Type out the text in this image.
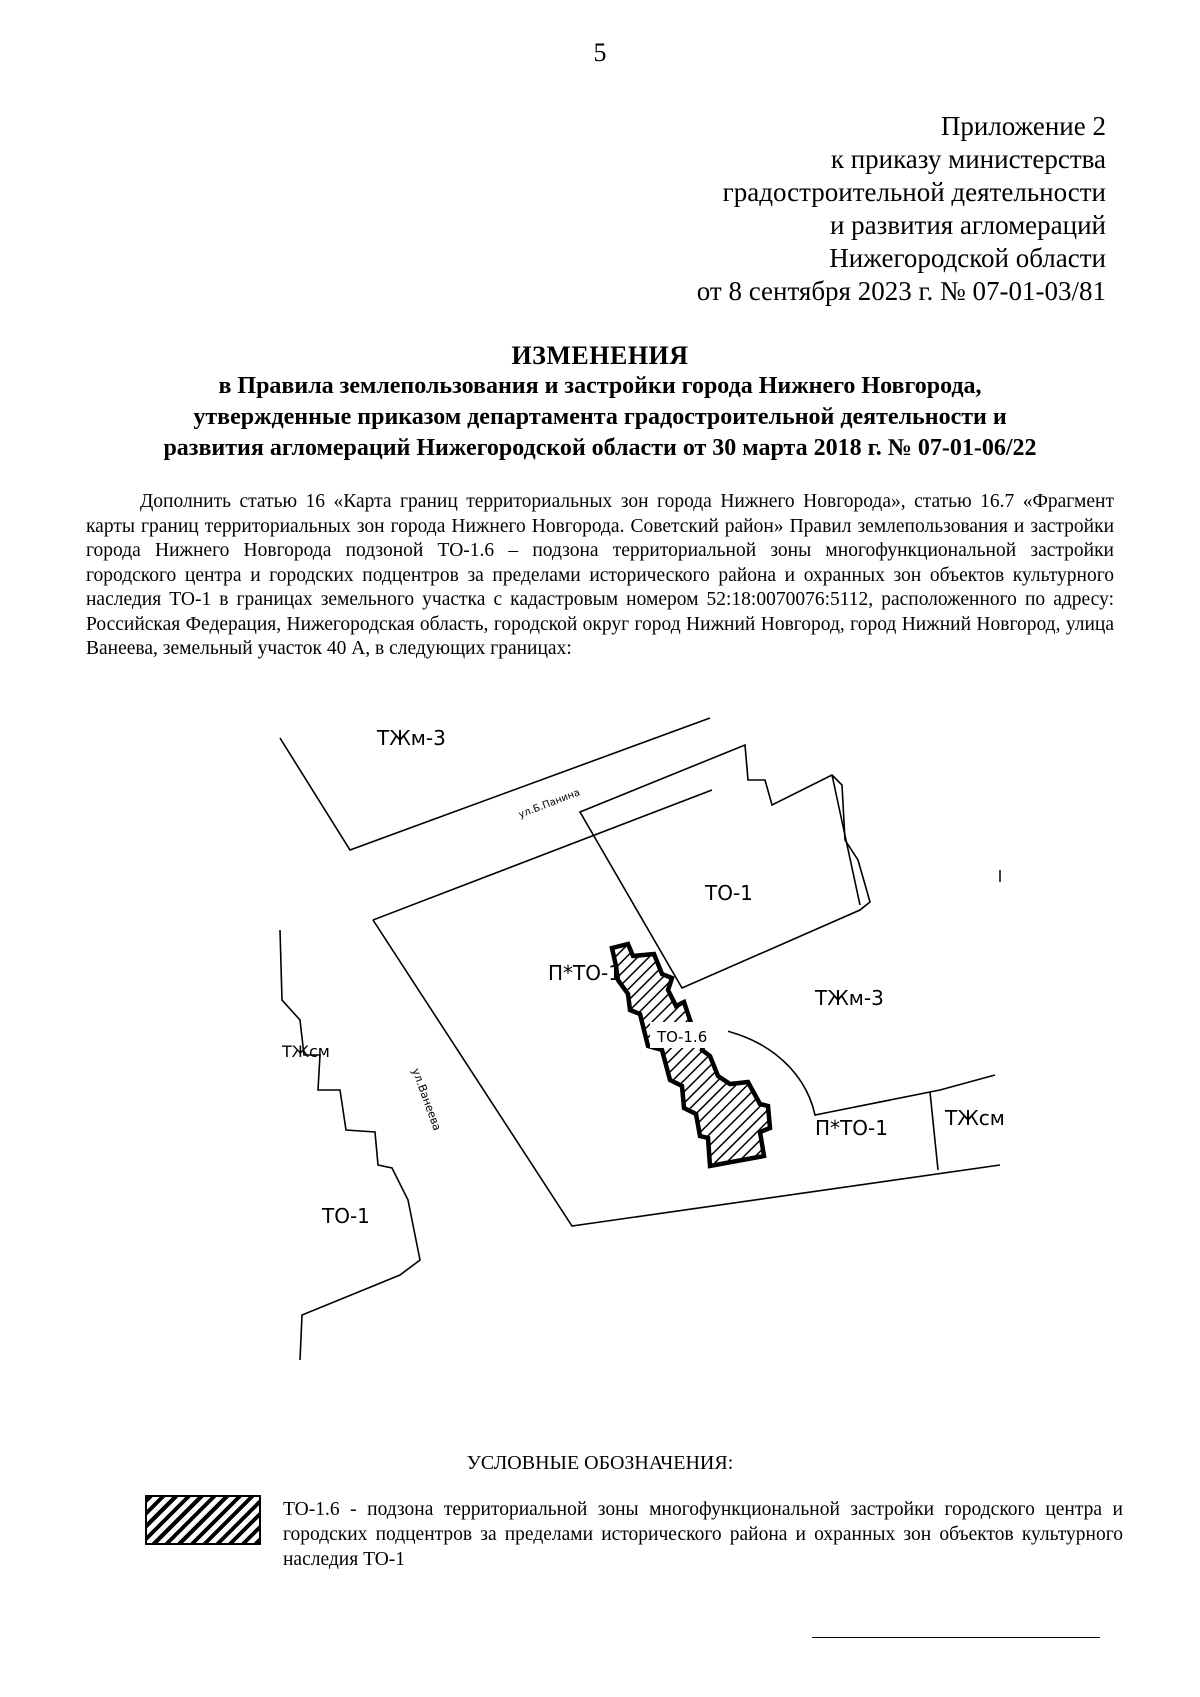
5
Приложение 2
к приказу министерства
градостроительной деятельности
и развития агломераций
Нижегородской области
от 8 сентября 2023 г. № 07-01-03/81
ИЗМЕНЕНИЯ
в Правила землепользования и застройки города Нижнего Новгорода,
утвержденные приказом департамента градостроительной деятельности и
развития агломераций Нижегородской области от 30 марта 2018 г. № 07-01-06/22
Дополнить статью 16 «Карта границ территориальных зон города Нижнего Новгорода», статью 16.7 «Фрагмент карты границ территориальных зон города Нижнего Новгорода. Советский район» Правил землепользования и застройки города Нижнего Новгорода подзоной ТО-1.6 – подзона территориальной зоны многофункциональной застройки городского центра и городских подцентров за пределами исторического района и охранных зон объектов культурного наследия ТО-1 в границах земельного участка с кадастровым номером 52:18:0070076:5112, расположенного по адресу: Российская Федерация, Нижегородская область, городской округ город Нижний Новгород, город Нижний Новгород, улица Ванеева, земельный участок 40 А, в следующих границах:
ТЖм-3
ул.Б.Панина
ТО-1
П*ТО-1
ТЖм-3
ТЖсм
ул.Ванеева
ТО-1.6
П*ТО-1	ТЖсм
ТО-1
УСЛОВНЫЕ ОБОЗНАЧЕНИЯ:
ТО-1.6 - подзона территориальной зоны многофункциональной застройки городского центра и городских подцентров за пределами исторического района и охранных зон объектов культурного наследия ТО-1
